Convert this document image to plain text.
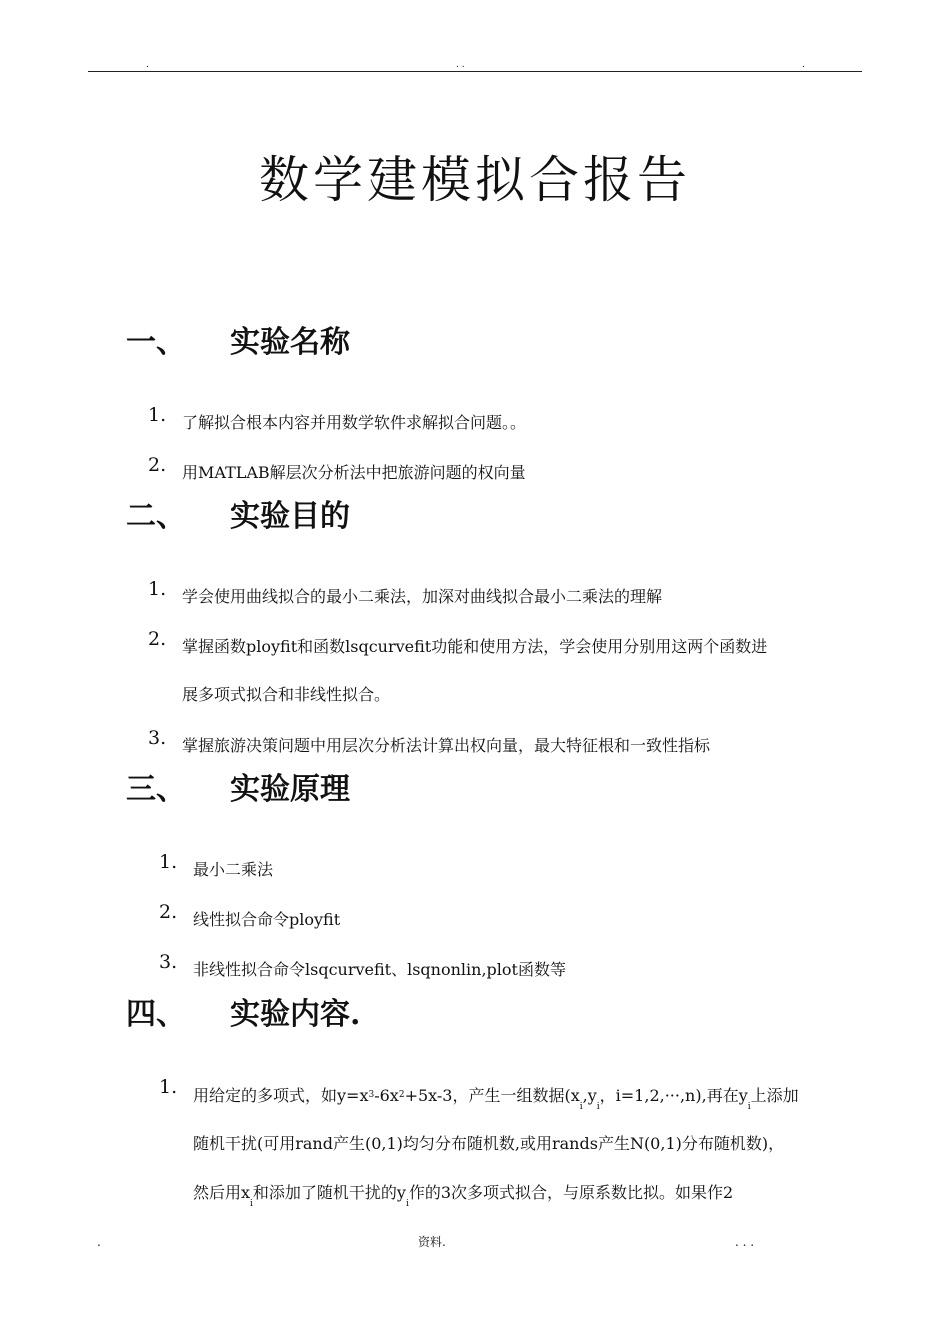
.	. .	.
数学建模拟合报告
一、 实验名称
1. 了解拟合根本内容并用数学软件求解拟合问题。。
2. 用MATLAB解层次分析法中把旅游问题的权向量
二、 实验目的
1. 学会使用曲线拟合的最小二乘法，加深对曲线拟合最小二乘法的理解
2. 掌握函数ployfit和函数lsqcurvefit功能和使用方法，学会使用分别用这两个函数进
展多项式拟合和非线性拟合。
3. 掌握旅游决策问题中用层次分析法计算出权向量，最大特征根和一致性指标
三、 实验原理
1. 最小二乘法
2. 线性拟合命令ployfit
3. 非线性拟合命令lsqcurvefit、lsqnonlin,plot函数等
四、 实验内容.
1. 用给定的多项式，如$y=x^3-6x^2+5x-3$，产生一组数据($x_i,y_i$，i=1,2,···,n),再在$y_i$上添加
随机干扰(可用rand产生(0,1)均匀分布随机数,或用rands产生N(0,1)分布随机数)，
然后用$x_i$和添加了随机干扰的$y_i$作的3次多项式拟合，与原系数比拟。如果作2
.	资料.	. . .
